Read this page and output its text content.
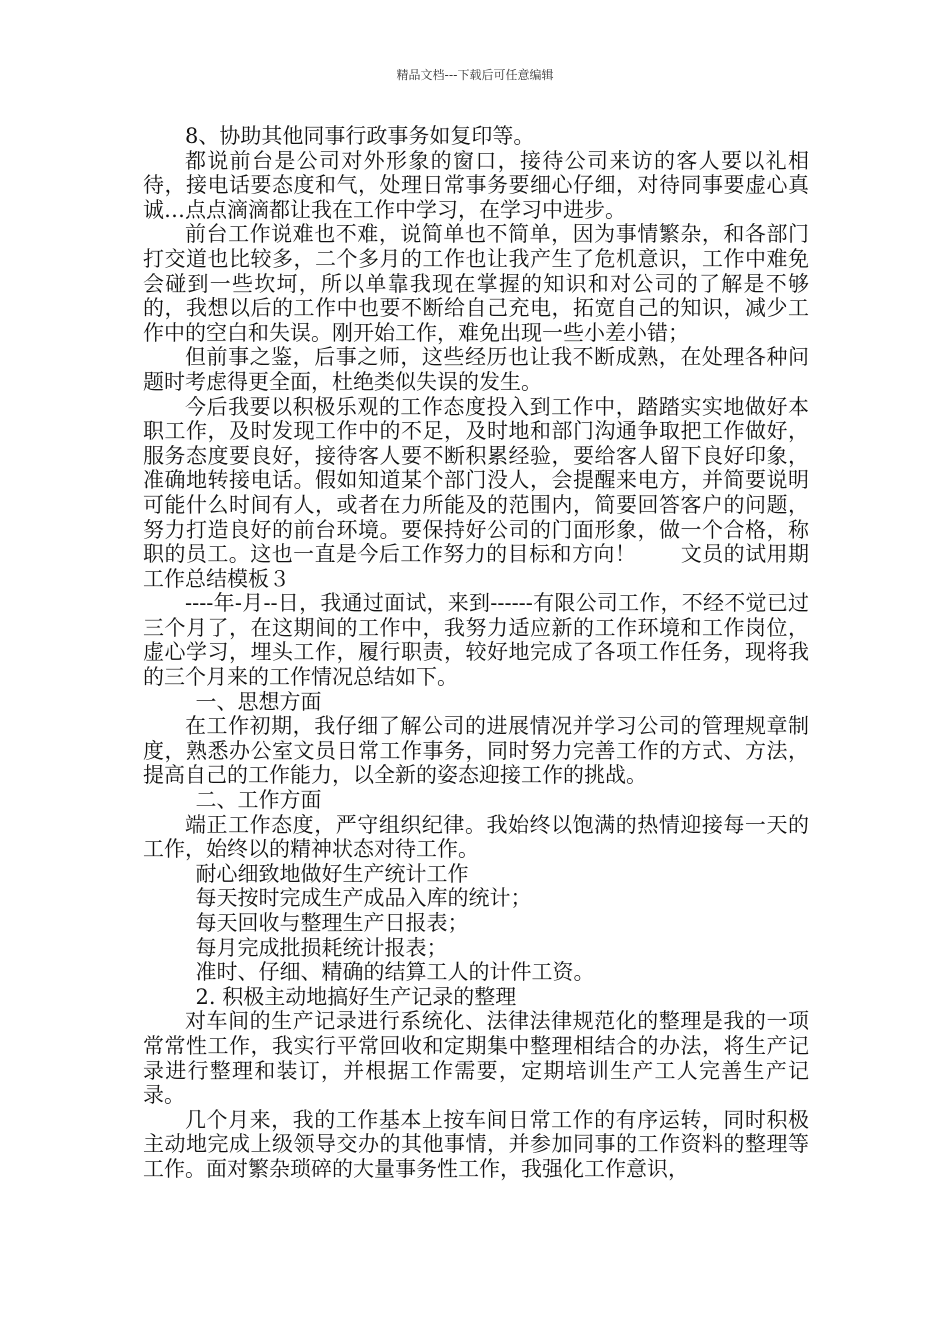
精品文档---下载后可任意编辑

8、协助其他同事行政事务如复印等。

都说前台是公司对外形象的窗口，接待公司来访的客人要以礼相待，接电话要态度和气，处理日常事务要细心仔细，对待同事要虚心真诚…点点滴滴都让我在工作中学习，在学习中进步。

前台工作说难也不难，说简单也不简单，因为事情繁杂，和各部门打交道也比较多，二个多月的工作也让我产生了危机意识，工作中难免会碰到一些坎坷，所以单靠我现在掌握的知识和对公司的了解是不够的，我想以后的工作中也要不断给自己充电，拓宽自己的知识，减少工作中的空白和失误。刚开始工作，难免出现一些小差小错；

但前事之鉴，后事之师，这些经历也让我不断成熟，在处理各种问题时考虑得更全面，杜绝类似失误的发生。

今后我要以积极乐观的工作态度投入到工作中，踏踏实实地做好本职工作，及时发现工作中的不足，及时地和部门沟通争取把工作做好，服务态度要良好，接待客人要不断积累经验，要给客人留下良好印象，准确地转接电话。假如知道某个部门没人，会提醒来电方，并简要说明可能什么时间有人，或者在力所能及的范围内，简要回答客户的问题，努力打造良好的前台环境。要保持好公司的门面形象，做一个合格，称职的员工。这也一直是今后工作努力的目标和方向！ 文员的试用期工作总结模板３

----年-月--日，我通过面试，来到------有限公司工作，不经不觉已过三个月了，在这期间的工作中，我努力适应新的工作环境和工作岗位，虚心学习，埋头工作，履行职责，较好地完成了各项工作任务，现将我的三个月来的工作情况总结如下。

一、思想方面

在工作初期，我仔细了解公司的进展情况并学习公司的管理规章制度，熟悉办公室文员日常工作事务，同时努力完善工作的方式、方法，提高自己的工作能力，以全新的姿态迎接工作的挑战。

二、工作方面

端正工作态度，严守组织纪律。我始终以饱满的热情迎接每一天的工作，始终以的精神状态对待工作。

耐心细致地做好生产统计工作

每天按时完成生产成品入库的统计；

每天回收与整理生产日报表；

每月完成批损耗统计报表；

准时、仔细、精确的结算工人的计件工资。

2. 积极主动地搞好生产记录的整理

对车间的生产记录进行系统化、法律法律规范化的整理是我的一项常常性工作，我实行平常回收和定期集中整理相结合的办法，将生产记录进行整理和装订，并根据工作需要，定期培训生产工人完善生产记录。

几个月来，我的工作基本上按车间日常工作的有序运转，同时积极主动地完成上级领导交办的其他事情，并参加同事的工作资料的整理等工作。面对繁杂琐碎的大量事务性工作，我强化工作意识，
